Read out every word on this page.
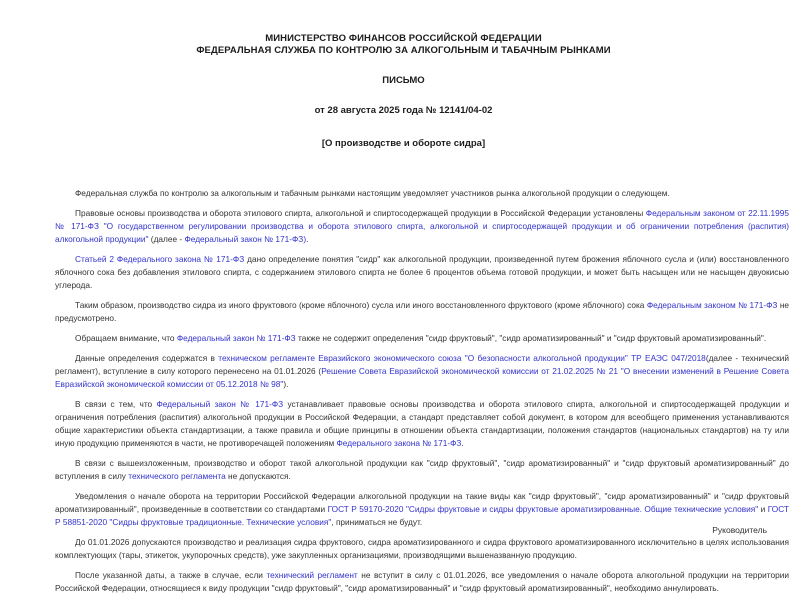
МИНИСТЕРСТВО ФИНАНСОВ РОССИЙСКОЙ ФЕДЕРАЦИИ
ФЕДЕРАЛЬНАЯ СЛУЖБА ПО КОНТРОЛЮ ЗА АЛКОГОЛЬНЫМ И ТАБАЧНЫМ РЫНКАМИ
ПИСЬМО
от 28 августа 2025 года № 12141/04-02
[О производстве и обороте сидра]

Федеральная служба по контролю за алкогольным и табачным рынками настоящим уведомляет участников рынка алкогольной продукции о следующем.

Правовые основы производства и оборота этилового спирта, алкогольной и спиртосодержащей продукции в Российской Федерации установлены Федеральным законом от 22.11.1995 № 171-ФЗ "О государственном регулировании производства и оборота этилового спирта, алкогольной и спиртосодержащей продукции и об ограничении потребления (распития) алкогольной продукции" (далее - Федеральный закон № 171-ФЗ).

Статьей 2 Федерального закона № 171-ФЗ дано определение понятия "сидр" как алкогольной продукции, произведенной путем брожения яблочного сусла и (или) восстановленного яблочного сока без добавления этилового спирта, с содержанием этилового спирта не более 6 процентов объема готовой продукции, и может быть насыщен или не насыщен двуокисью углерода.

Таким образом, производство сидра из иного фруктового (кроме яблочного) сусла или иного восстановленного фруктового (кроме яблочного) сока Федеральным законом № 171-ФЗ не предусмотрено.

Обращаем внимание, что Федеральный закон № 171-ФЗ также не содержит определения "сидр фруктовый", "сидр ароматизированный" и "сидр фруктовый ароматизированный".

Данные определения содержатся в техническом регламенте Евразийского экономического союза "О безопасности алкогольной продукции" ТР ЕАЭС 047/2018(далее - технический регламент), вступление в силу которого перенесено на 01.01.2026 (Решение Совета Евразийской экономической комиссии от 21.02.2025 № 21 "О внесении изменений в Решение Совета Евразийской экономической комиссии от 05.12.2018 № 98").

В связи с тем, что Федеральный закон № 171-ФЗ устанавливает правовые основы производства и оборота этилового спирта, алкогольной и спиртосодержащей продукции и ограничения потребления (распития) алкогольной продукции в Российской Федерации, а стандарт представляет собой документ, в котором для всеобщего применения устанавливаются общие характеристики объекта стандартизации, а также правила и общие принципы в отношении объекта стандартизации, положения стандартов (национальных стандартов) на ту или иную продукцию применяются в части, не противоречащей положениям Федерального закона № 171-ФЗ.

В связи с вышеизложенным, производство и оборот такой алкогольной продукции как "сидр фруктовый", "сидр ароматизированный" и "сидр фруктовый ароматизированный" до вступления в силу технического регламента не допускаются.

Уведомления о начале оборота на территории Российской Федерации алкогольной продукции на такие виды как "сидр фруктовый", "сидр ароматизированный" и "сидр фруктовый ароматизированный", произведенные в соответствии со стандартами ГОСТ Р 59170-2020 "Сидры фруктовые и сидры фруктовые ароматизированные. Общие технические условия" и ГОСТ Р 58851-2020 "Сидры фруктовые традиционные. Технические условия", приниматься не будут.

До 01.01.2026 допускаются производство и реализация сидра фруктового, сидра ароматизированного и сидра фруктового ароматизированного исключительно в целях использования комплектующих (тары, этикеток, укупорочных средств), уже закупленных организациями, производящими вышеназванную продукцию.

После указанной даты, а также в случае, если технический регламент не вступит в силу с 01.01.2026, все уведомления о начале оборота алкогольной продукции на территории Российской Федерации, относящиеся к виду продукции "сидр фруктовый", "сидр ароматизированный" и "сидр фруктовый ароматизированный", необходимо аннулировать.

Руководитель
